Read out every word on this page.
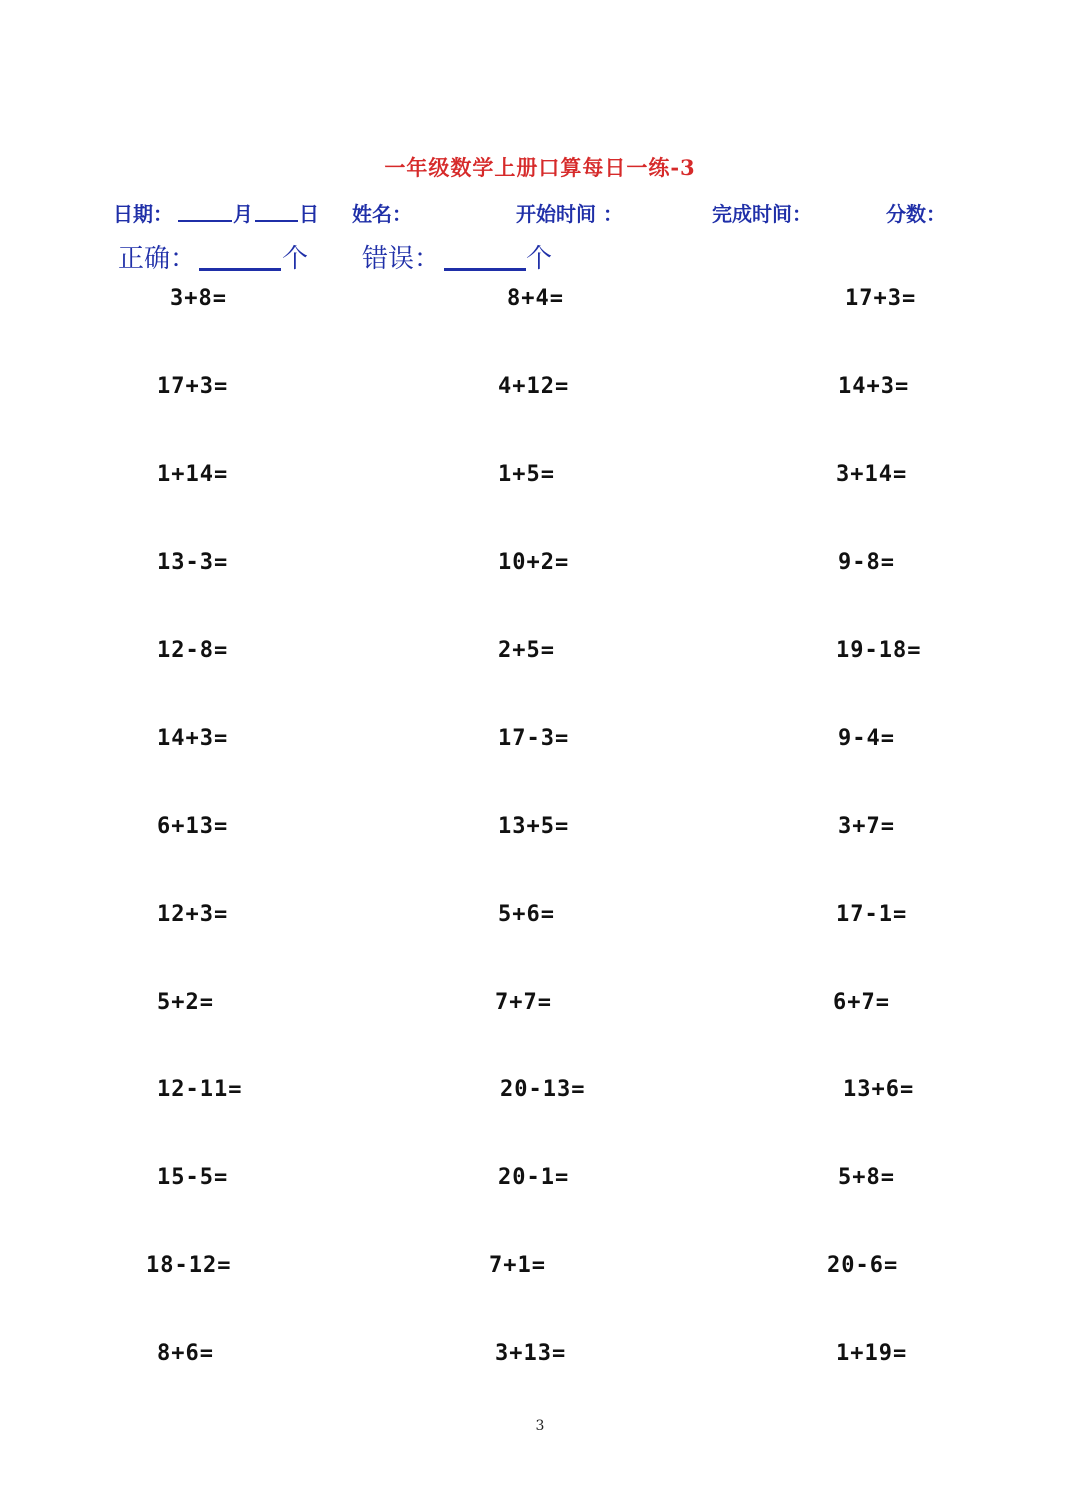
一年级数学上册口算每日一练-3
日期：	月 日 姓名：	开始时间 ：	完成时间：	分数：
正确：	个 错误：	个
3+8=	8+4=	17+3=
17+3=	4+12=	14+3=
1+14=	1+5=	3+14=
13-3=	10+2=	9-8=
12-8=	2+5=	19-18=
14+3=	17-3=	9-4=
6+13=	13+5=	3+7=
12+3=	5+6=	17-1=
5+2=	7+7=	6+7=
12-11=	20-13=	13+6=
15-5=	20-1=	5+8=
18-12=	7+1=	20-6=
8+6=	3+13=	1+19=
3
